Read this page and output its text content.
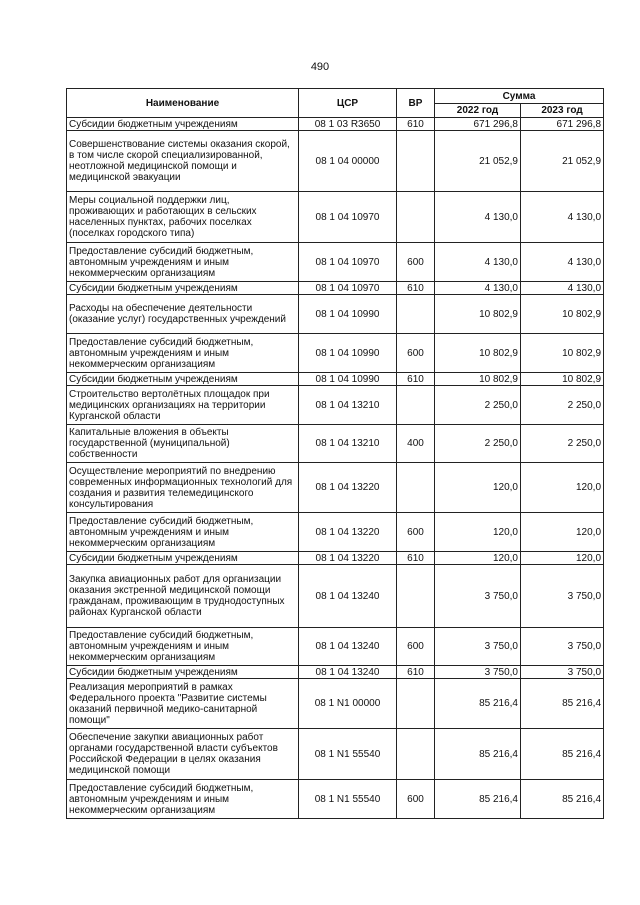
490
Наименование	ЦСР	ВР	Сумма	
			2022 год	2023 год
Субсидии бюджетным учреждениям	08 1 03 R3650	610	671 296,8	671 296,8
Совершенствование системы оказания скорой, в том числе скорой специализированной, неотложной медицинской помощи и медицинской эвакуации	08 1 04 00000		21 052,9	21 052,9
Меры социальной поддержки лиц, проживающих и работающих в сельских населенных пунктах, рабочих поселках (поселках городского типа)	08 1 04 10970		4 130,0	4 130,0
Предоставление субсидий бюджетным, автономным учреждениям и иным некоммерческим организациям	08 1 04 10970	600	4 130,0	4 130,0
Субсидии бюджетным учреждениям	08 1 04 10970	610	4 130,0	4 130,0
Расходы на обеспечение деятельности (оказание услуг) государственных учреждений	08 1 04 10990		10 802,9	10 802,9
Предоставление субсидий бюджетным, автономным учреждениям и иным некоммерческим организациям	08 1 04 10990	600	10 802,9	10 802,9
Субсидии бюджетным учреждениям	08 1 04 10990	610	10 802,9	10 802,9
Строительство вертолётных площадок при медицинских организациях на территории Курганской области	08 1 04 13210		2 250,0	2 250,0
Капитальные вложения в объекты государственной (муниципальной) собственности	08 1 04 13210	400	2 250,0	2 250,0
Осуществление мероприятий по внедрению современных информационных технологий для создания и развития телемедицинского консультирования	08 1 04 13220		120,0	120,0
Предоставление субсидий бюджетным, автономным учреждениям и иным некоммерческим организациям	08 1 04 13220	600	120,0	120,0
Субсидии бюджетным учреждениям	08 1 04 13220	610	120,0	120,0
Закупка авиационных работ для организации оказания экстренной медицинской помощи гражданам, проживающим в труднодоступных районах Курганской области	08 1 04 13240		3 750,0	3 750,0
Предоставление субсидий бюджетным, автономным учреждениям и иным некоммерческим организациям	08 1 04 13240	600	3 750,0	3 750,0
Субсидии бюджетным учреждениям	08 1 04 13240	610	3 750,0	3 750,0
Реализация мероприятий в рамках Федерального проекта "Развитие системы оказаний первичной медико-санитарной помощи"	08 1 N1 00000		85 216,4	85 216,4
Обеспечение закупки авиационных работ органами государственной власти субъектов Российской Федерации в целях оказания медицинской помощи	08 1 N1 55540		85 216,4	85 216,4
Предоставление субсидий бюджетным, автономным учреждениям и иным некоммерческим организациям	08 1 N1 55540	600	85 216,4	85 216,4
